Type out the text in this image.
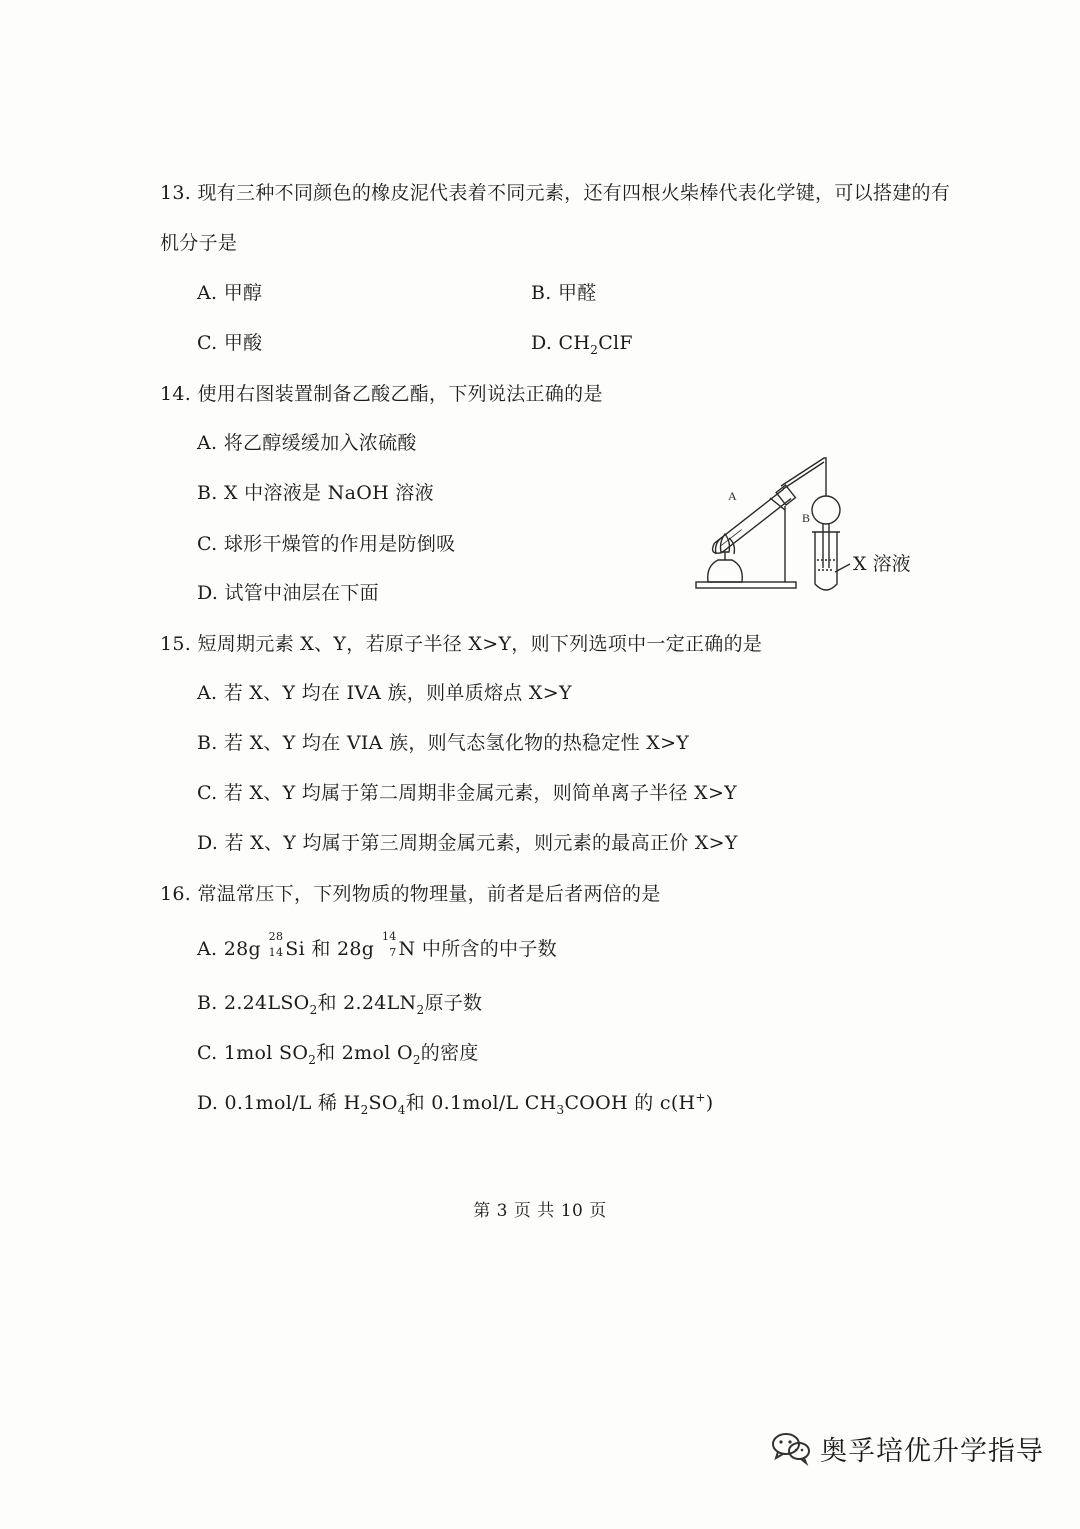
13. 现有三种不同颜色的橡皮泥代表着不同元素，还有四根火柴棒代表化学键，可以搭建的有
机分子是
A. 甲醇	B. 甲醛
C. 甲酸	D. $CH_2ClF$
14. 使用右图装置制备乙酸乙酯，下列说法正确的是
A. 将乙醇缓缓加入浓硫酸
B. X 中溶液是 NaOH 溶液
C. 球形干燥管的作用是防倒吸
D. 试管中油层在下面
A
B
X 溶液
15. 短周期元素 X、Y，若原子半径 X>Y，则下列选项中一定正确的是
A. 若 X、Y 均在 IVA 族，则单质熔点 X>Y
B. 若 X、Y 均在 VIA 族，则气态氢化物的热稳定性 X>Y
C. 若 X、Y 均属于第二周期非金属元素，则简单离子半径 X>Y
D. 若 X、Y 均属于第三周期金属元素，则元素的最高正价 X>Y
16. 常温常压下，下列物质的物理量，前者是后者两倍的是
A. 28g
28
14 Si 和 28g
14
7 N 中所含的中子数
B. $2.24LSO_2$和 $2.24LN_2$原子数
C. 1mol $SO_2$和 2mol $O_2$的密度
D. 0.1mol/L 稀 $H_2SO_4$和 0.1mol/L $CH_3COOH$ 的 c(H+)
第 3 页 共 10 页
奥孚培优升学指导
